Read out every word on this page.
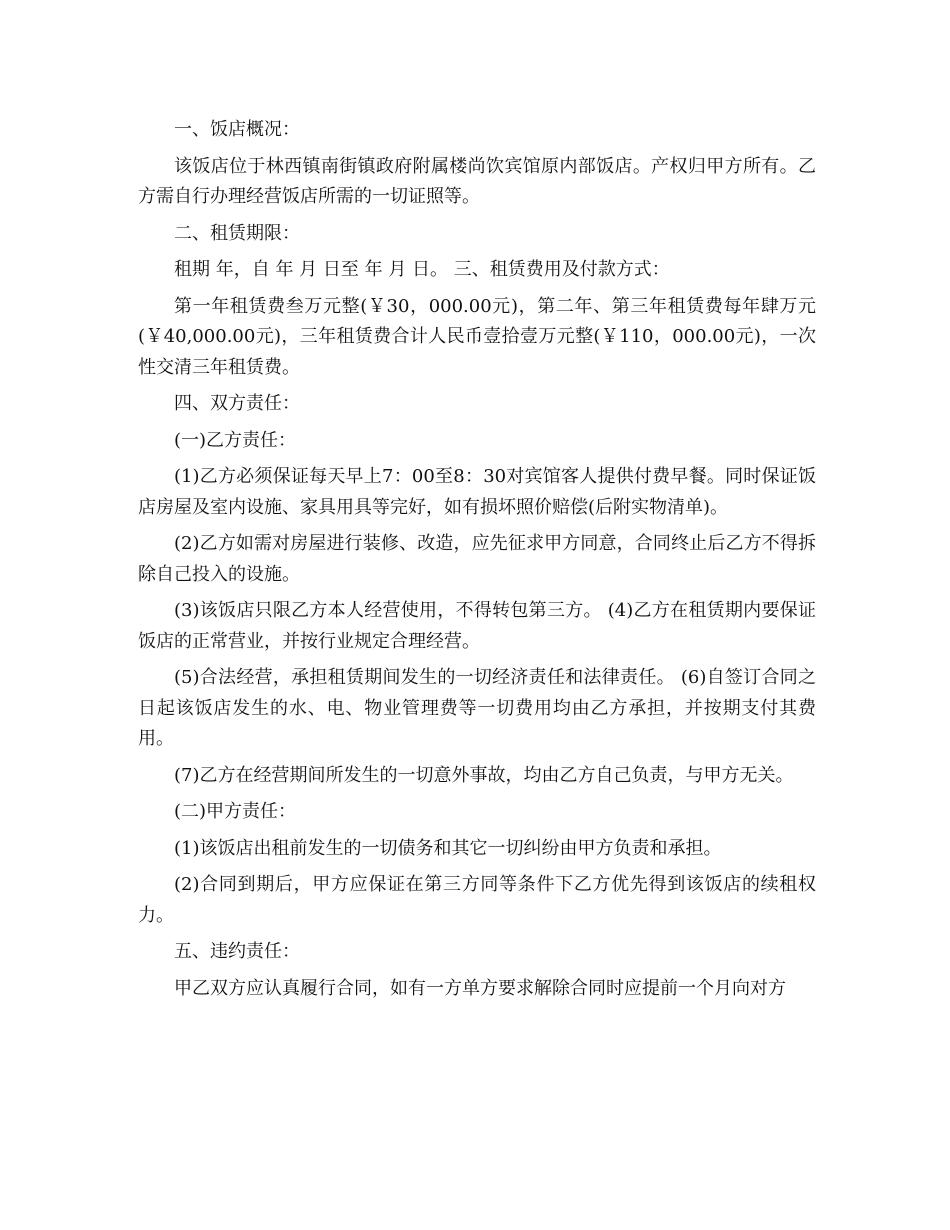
一、饭店概况：

该饭店位于林西镇南街镇政府附属楼尚饮宾馆原内部饭店。产权归甲方所有。乙方需自行办理经营饭店所需的一切证照等。

二、租赁期限：

租期 年，自 年 月 日至 年 月 日。 三、租赁费用及付款方式：

第一年租赁费叁万元整(￥30，000.00元)，第二年、第三年租赁费每年肆万元(￥40,000.00元)，三年租赁费合计人民币壹拾壹万元整(￥110，000.00元)，一次性交清三年租赁费。

四、双方责任：

(一)乙方责任：

(1)乙方必须保证每天早上7：00至8：30对宾馆客人提供付费早餐。同时保证饭店房屋及室内设施、家具用具等完好，如有损坏照价赔偿(后附实物清单)。

(2)乙方如需对房屋进行装修、改造，应先征求甲方同意，合同终止后乙方不得拆除自己投入的设施。

(3)该饭店只限乙方本人经营使用，不得转包第三方。 (4)乙方在租赁期内要保证饭店的正常营业，并按行业规定合理经营。

(5)合法经营，承担租赁期间发生的一切经济责任和法律责任。 (6)自签订合同之日起该饭店发生的水、电、物业管理费等一切费用均由乙方承担，并按期支付其费用。

(7)乙方在经营期间所发生的一切意外事故，均由乙方自己负责，与甲方无关。

(二)甲方责任：

(1)该饭店出租前发生的一切债务和其它一切纠纷由甲方负责和承担。

(2)合同到期后，甲方应保证在第三方同等条件下乙方优先得到该饭店的续租权力。

五、违约责任：

甲乙双方应认真履行合同，如有一方单方要求解除合同时应提前一个月向对方
